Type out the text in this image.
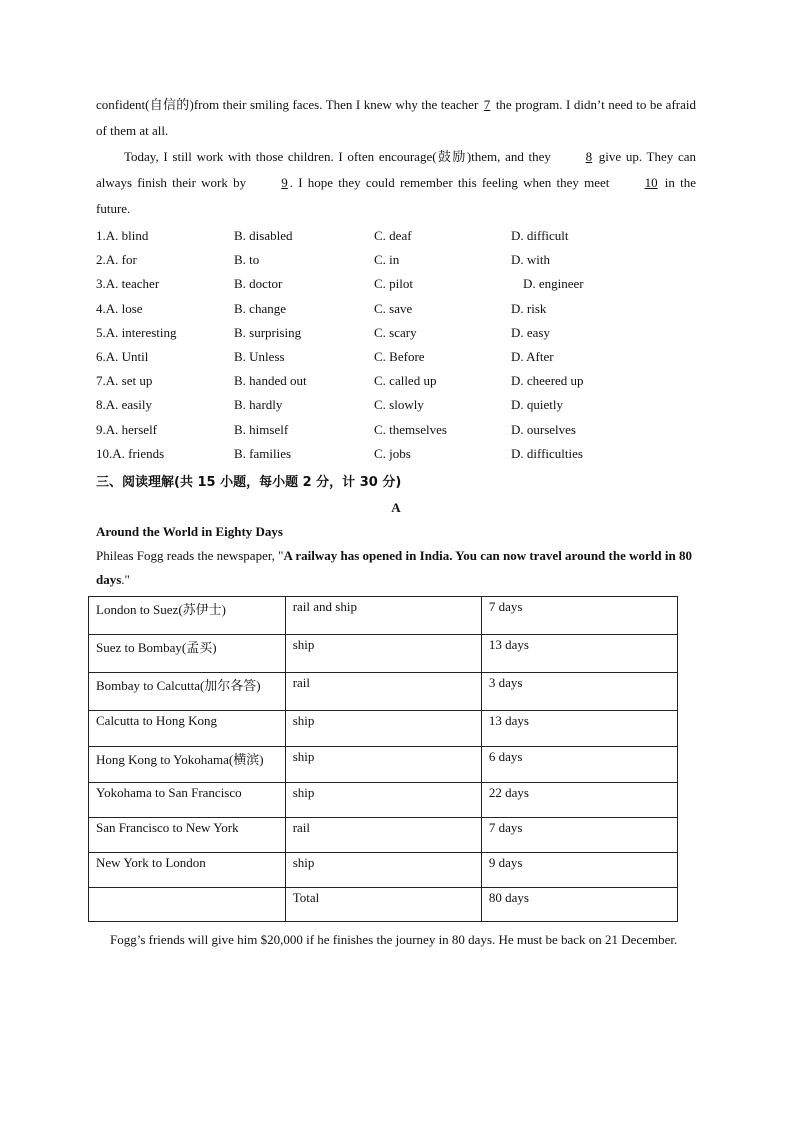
confident(自信的)from their smiling faces. Then I knew why the teacher 7 the program. I didn’t need to be afraid of them at all.

Today, I still work with those children. I often encourage(鼓励)them, and they 8 give up. They can always finish their work by 9. I hope they could remember this feeling when they meet 10 in the future.

1.A. blind	B. disabled	C. deaf	D. difficult
2.A. for	B. to	C. in	D. with
3.A. teacher	B. doctor	C. pilot	D. engineer
4.A. lose	B. change	C. save	D. risk
5.A. interesting	B. surprising	C. scary	D. easy
6.A. Until	B. Unless	C. Before	D. After
7.A. set up	B. handed out	C. called up	D. cheered up
8.A. easily	B. hardly	C. slowly	D. quietly
9.A. herself	B. himself	C. themselves	D. ourselves
10.A. friends	B. families	C. jobs	D. difficulties
三、阅读理解(共 15 小题，每小题 2 分，计 30 分)
A
Around the World in Eighty Days
Phileas Fogg reads the newspaper, "A railway has opened in India. You can now travel around the world in 80 days."
London to Suez(苏伊士)	rail and ship	7 days
Suez to Bombay(孟买)	ship	13 days
Bombay to Calcutta(加尔各答)	rail	3 days
Calcutta to Hong Kong	ship	13 days
Hong Kong to Yokohama(横滨)	ship	6 days
Yokohama to San Francisco	ship	22 days
San Francisco to New York	rail	7 days
New York to London	ship	9 days
	Total	80 days

Fogg’s friends will give him $20,000 if he finishes the journey in 80 days. He must be back on 21 December.
